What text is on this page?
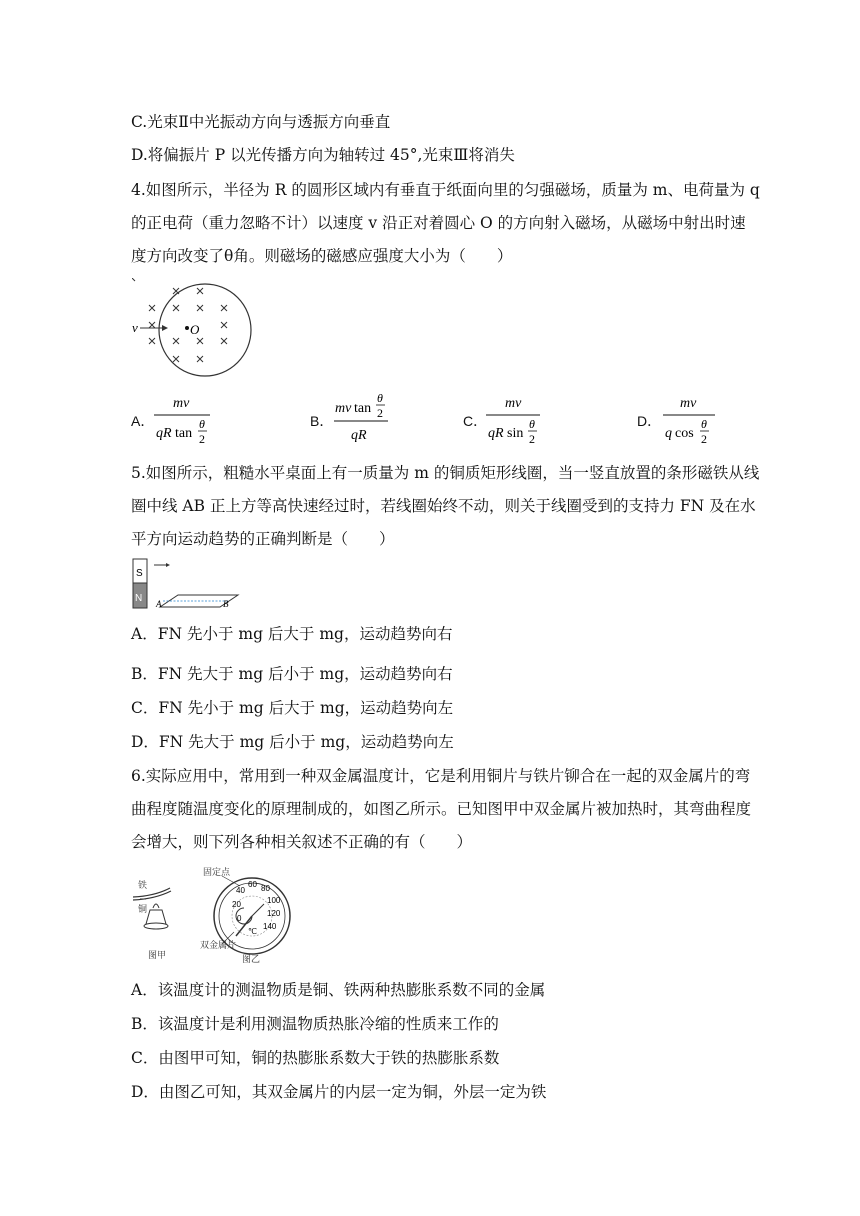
C.光束Ⅱ中光振动方向与透振方向垂直
D.将偏振片 P 以光传播方向为轴转过 45°,光束Ⅲ将消失
4.如图所示，半径为 R 的圆形区域内有垂直于纸面向里的匀强磁场，质量为 m、电荷量为 q
的正电荷（重力忽略不计）以速度 v 沿正对着圆心 O 的方向射入磁场，从磁场中射出时速
度方向改变了θ角。则磁场的磁感应强度大小为（　　）
v	O
A．
mv
qR tan
θ
2
B．
mv tan
θ
2
qR
C．
mv
qR sin
θ
2
D．
mv
q cos
θ
2
5.如图所示，粗糙水平桌面上有一质量为 m 的铜质矩形线圈，当一竖直放置的条形磁铁从线
圈中线 AB 正上方等高快速经过时，若线圈始终不动，则关于线圈受到的支持力 FN 及在水
平方向运动趋势的正确判断是（　　）
S
N A	B
A．FN 先小于 mg 后大于 mg，运动趋势向右
B．FN 先大于 mg 后小于 mg，运动趋势向右
C．FN 先小于 mg 后大于 mg，运动趋势向左
D．FN 先大于 mg 后小于 mg，运动趋势向左
6.实际应用中，常用到一种双金属温度计，它是利用铜片与铁片铆合在一起的双金属片的弯
曲程度随温度变化的原理制成的，如图乙所示。已知图甲中双金属片被加热时，其弯曲程度
会增大，则下列各种相关叙述不正确的有（　　）
铁
铜
图甲
固定点
0
20
40
60 80
100
120
140
℃
双金属片
图乙
A．该温度计的测温物质是铜、铁两种热膨胀系数不同的金属
B．该温度计是利用测温物质热胀冷缩的性质来工作的
C．由图甲可知，铜的热膨胀系数大于铁的热膨胀系数
D．由图乙可知，其双金属片的内层一定为铜，外层一定为铁
